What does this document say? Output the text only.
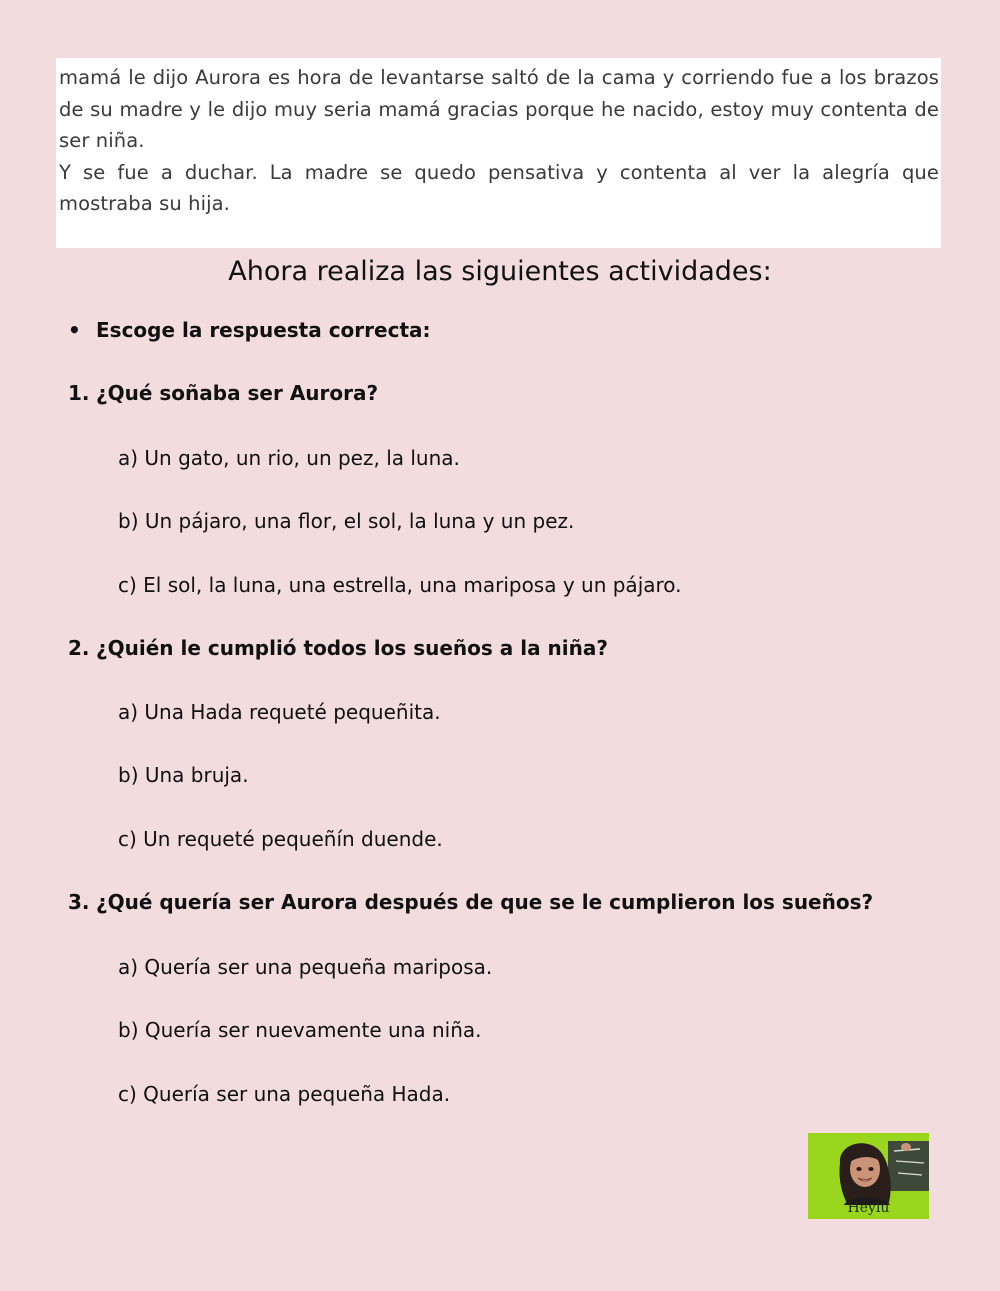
mamá le dijo Aurora es hora de levantarse saltó de la cama y corriendo fue a los brazos de su madre y le dijo muy seria mamá gracias porque he nacido, estoy muy contenta de ser niña.

Y se fue a duchar. La madre se quedo pensativa y contenta al ver la alegría que mostraba su hija.

Ahora realiza las siguientes actividades:
• Escoge la respuesta correcta:
1. ¿Qué soñaba ser Aurora?
a) Un gato, un rio, un pez, la luna.
b) Un pájaro, una flor, el sol, la luna y un pez.
c) El sol, la luna, una estrella, una mariposa y un pájaro.
2. ¿Quién le cumplió todos los sueños a la niña?
a) Una Hada requeté pequeñita.
b) Una bruja.
c) Un requeté pequeñín duende.
3. ¿Qué quería ser Aurora después de que se le cumplieron los sueños?
a) Quería ser una pequeña mariposa.
b) Quería ser nuevamente una niña.
c) Quería ser una pequeña Hada.
Heylu
